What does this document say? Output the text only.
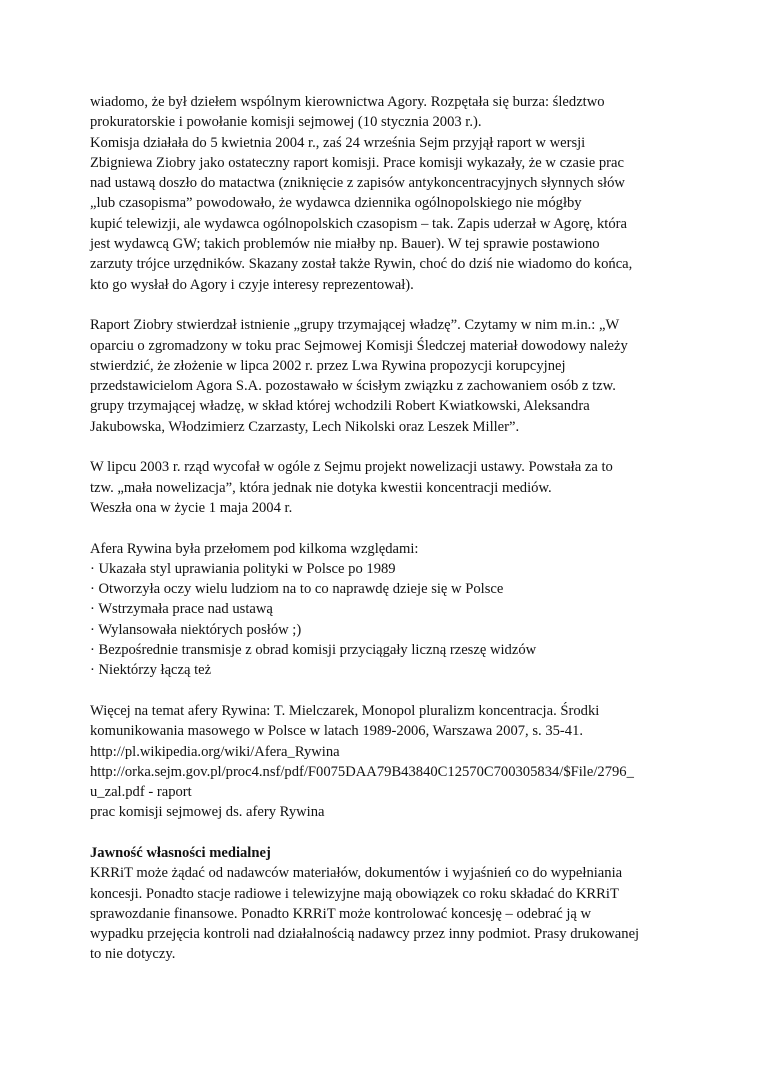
wiadomo, że był dziełem wspólnym kierownictwa Agory. Rozpętała się burza: śledztwo
prokuratorskie i powołanie komisji sejmowej (10 stycznia 2003 r.).
Komisja działała do 5 kwietnia 2004 r., zaś 24 września Sejm przyjął raport w wersji
Zbigniewa Ziobry jako ostateczny raport komisji. Prace komisji wykazały, że w czasie prac
nad ustawą doszło do matactwa (zniknięcie z zapisów antykoncentracyjnych słynnych słów
„lub czasopisma” powodowało, że wydawca dziennika ogólnopolskiego nie mógłby
kupić telewizji, ale wydawca ogólnopolskich czasopism – tak. Zapis uderzał w Agorę, która
jest wydawcą GW; takich problemów nie miałby np. Bauer). W tej sprawie postawiono
zarzuty trójce urzędników. Skazany został także Rywin, choć do dziś nie wiadomo do końca,
kto go wysłał do Agory i czyje interesy reprezentował).
Raport Ziobry stwierdzał istnienie „grupy trzymającej władzę”. Czytamy w nim m.in.: „W
oparciu o zgromadzony w toku prac Sejmowej Komisji Śledczej materiał dowodowy należy
stwierdzić, że złożenie w lipca 2002 r. przez Lwa Rywina propozycji korupcyjnej
przedstawicielom Agora S.A. pozostawało w ścisłym związku z zachowaniem osób z tzw.
grupy trzymającej władzę, w skład której wchodzili Robert Kwiatkowski, Aleksandra
Jakubowska, Włodzimierz Czarzasty, Lech Nikolski oraz Leszek Miller”.
W lipcu 2003 r. rząd wycofał w ogóle z Sejmu projekt nowelizacji ustawy. Powstała za to
tzw. „mała nowelizacja”, która jednak nie dotyka kwestii koncentracji mediów.
Weszła ona w życie 1 maja 2004 r.
Afera Rywina była przełomem pod kilkoma względami:
· Ukazała styl uprawiania polityki w Polsce po 1989
· Otworzyła oczy wielu ludziom na to co naprawdę dzieje się w Polsce
· Wstrzymała prace nad ustawą
· Wylansowała niektórych posłów ;)
· Bezpośrednie transmisje z obrad komisji przyciągały liczną rzeszę widzów
· Niektórzy łączą też
Więcej na temat afery Rywina: T. Mielczarek, Monopol pluralizm koncentracja. Środki
komunikowania masowego w Polsce w latach 1989-2006, Warszawa 2007, s. 35-41.
http://pl.wikipedia.org/wiki/Afera_Rywina
http://orka.sejm.gov.pl/proc4.nsf/pdf/F0075DAA79B43840C12570C700305834/$File/2796_
u_zal.pdf - raport
prac komisji sejmowej ds. afery Rywina
Jawność własności medialnej
KRRiT może żądać od nadawców materiałów, dokumentów i wyjaśnień co do wypełniania
koncesji. Ponadto stacje radiowe i telewizyjne mają obowiązek co roku składać do KRRiT
sprawozdanie finansowe. Ponadto KRRiT może kontrolować koncesję – odebrać ją w
wypadku przejęcia kontroli nad działalnością nadawcy przez inny podmiot. Prasy drukowanej
to nie dotyczy.
